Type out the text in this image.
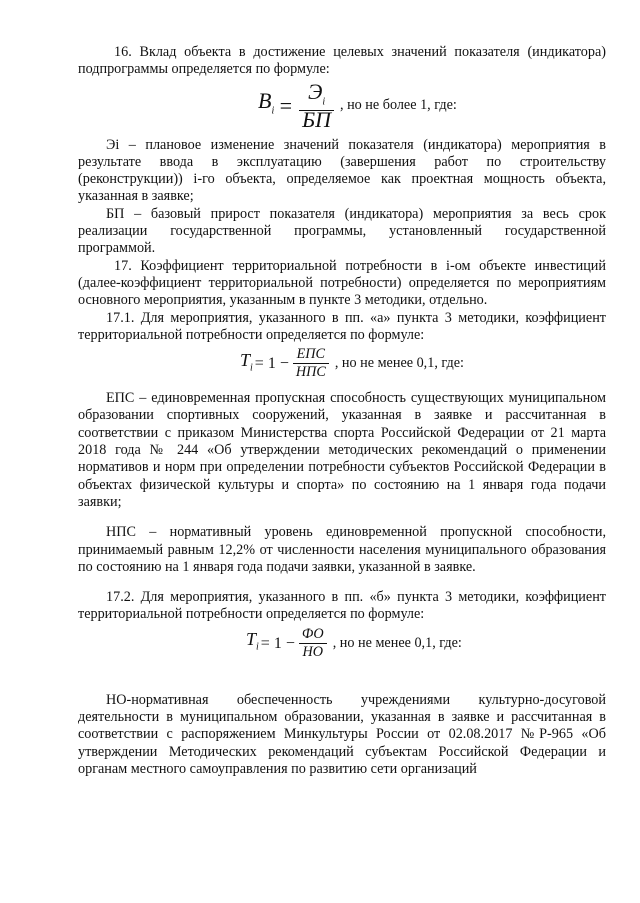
16. Вклад объекта в достижение целевых значений показателя (индикатора) подпрограммы определяется по формуле:

$B_i = \frac{Э_i}{БП}$ , но не более 1, где:

Эi – плановое изменение значений показателя (индикатора) мероприятия в результате ввода в эксплуатацию (завершения работ по строительству (реконструкции)) i-го объекта, определяемое как проектная мощность объекта, указанная в заявке;

БП – базовый прирост показателя (индикатора) мероприятия за весь срок реализации государственной программы, установленный государственной программой.

17. Коэффициент территориальной потребности в i-ом объекте инвестиций (далее-коэффициент территориальной потребности) определяется по мероприятиям основного мероприятия, указанным в пункте 3 методики, отдельно.

17.1. Для мероприятия, указанного в пп. «а» пункта 3 методики, коэффициент территориальной потребности определяется по формуле:

$T_i = 1 - \frac{\text{ЕПС}}{\text{НПС}}$ , но не менее 0,1, где:

ЕПС – единовременная пропускная способность существующих муниципальном образовании спортивных сооружений, указанная в заявке и рассчитанная в соответствии с приказом Министерства спорта Российской Федерации от 21 марта 2018 года № 244 «Об утверждении методических рекомендаций о применении нормативов и норм при определении потребности субъектов Российской Федерации в объектах физической культуры и спорта» по состоянию на 1 января года подачи заявки;

НПС – нормативный уровень единовременной пропускной способности, принимаемый равным 12,2% от численности населения муниципального образования по состоянию на 1 января года подачи заявки, указанной в заявке.

17.2. Для мероприятия, указанного в пп. «б» пункта 3 методики, коэффициент территориальной потребности определяется по формуле:

$T_i = 1 - \frac{ФО}{НО}$ , но не менее 0,1, где:

НО-нормативная обеспеченность учреждениями культурно-досуговой деятельности в муниципальном образовании, указанная в заявке и рассчитанная в соответствии с распоряжением Минкультуры России от 02.08.2017 №Р-965 «Об утверждении Методических рекомендаций субъектам Российской Федерации и органам местного самоуправления по развитию сети организаций
